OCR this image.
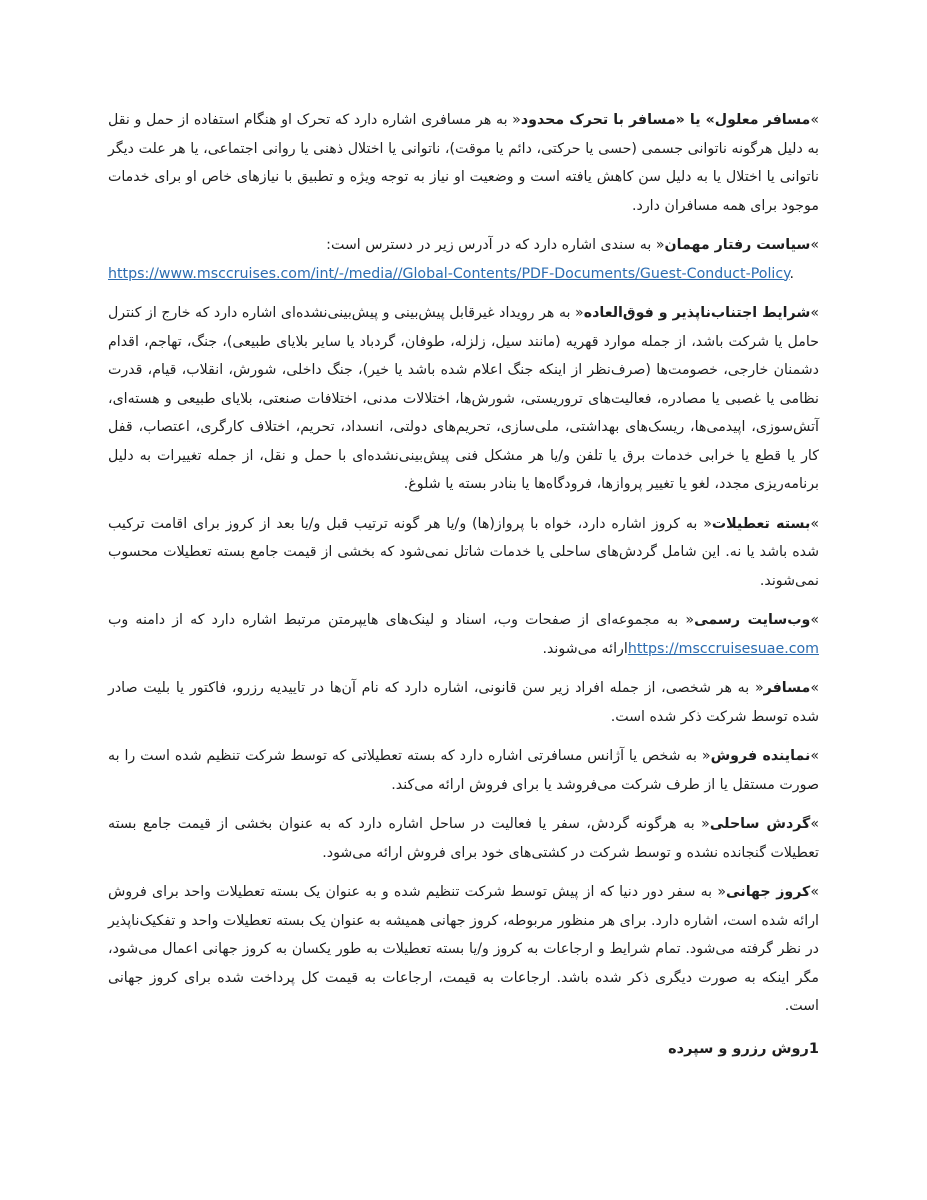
»مسافر معلول» یا «مسافر با تحرک محدود« به هر مسافری اشاره دارد که تحرک او هنگام استفاده از حمل و نقل به دلیل هرگونه ناتوانی جسمی (حسی یا حرکتی، دائم یا موقت)، ناتوانی یا اختلال ذهنی یا روانی اجتماعی، یا هر علت دیگر ناتوانی یا اختلال یا به دلیل سن کاهش یافته است و وضعیت او نیاز به توجه ویژه و تطبیق با نیازهای خاص او برای خدمات موجود برای همه مسافران دارد.

»سیاست رفتار مهمان« به سندی اشاره دارد که در آدرس زیر در دسترس است:
https://www.msccruises.com/int/-/media//Global-Contents/PDF-Documents/Guest-Conduct-Policy.

»شرایط اجتناب‌ناپذیر و فوق‌العاده« به هر رویداد غیرقابل پیش‌بینی و پیش‌بینی‌نشده‌ای اشاره دارد که خارج از کنترل حامل یا شرکت باشد، از جمله موارد قهریه (مانند سیل، زلزله، طوفان، گردباد یا سایر بلایای طبیعی)، جنگ، تهاجم، اقدام دشمنان خارجی، خصومت‌ها (صرف‌نظر از اینکه جنگ اعلام شده باشد یا خیر)، جنگ داخلی، شورش، انقلاب، قیام، قدرت نظامی یا غصبی یا مصادره، فعالیت‌های تروریستی، شورش‌ها، اختلالات مدنی، اختلافات صنعتی، بلایای طبیعی و هسته‌ای، آتش‌سوزی، اپیدمی‌ها، ریسک‌های بهداشتی، ملی‌سازی، تحریم‌های دولتی، انسداد، تحریم، اختلاف کارگری، اعتصاب، قفل کار یا قطع یا خرابی خدمات برق یا تلفن و/یا هر مشکل فنی پیش‌بینی‌نشده‌ای با حمل و نقل، از جمله تغییرات به دلیل برنامه‌ریزی مجدد، لغو یا تغییر پروازها، فرودگاه‌ها یا بنادر بسته یا شلوغ.

»بسته تعطیلات« به کروز اشاره دارد، خواه با پرواز(ها) و/یا هر گونه ترتیب قبل و/یا بعد از کروز برای اقامت ترکیب شده باشد یا نه. این شامل گردش‌های ساحلی یا خدمات شاتل نمی‌شود که بخشی از قیمت جامع بسته تعطیلات محسوب نمی‌شوند.

»وب‌سایت رسمی« به مجموعه‌ای از صفحات وب، اسناد و لینک‌های هایپرمتن مرتبط اشاره دارد که از دامنه وب https://msccruisesuae.comارائه می‌شوند.

»مسافر« به هر شخصی، از جمله افراد زیر سن قانونی، اشاره دارد که نام آن‌ها در تاییدیه رزرو، فاکتور یا بلیت صادر شده توسط شرکت ذکر شده است.

»نماینده فروش« به شخص یا آژانس مسافرتی اشاره دارد که بسته تعطیلاتی که توسط شرکت تنظیم شده است را به صورت مستقل یا از طرف شرکت می‌فروشد یا برای فروش ارائه می‌کند.

»گردش ساحلی« به هرگونه گردش، سفر یا فعالیت در ساحل اشاره دارد که به عنوان بخشی از قیمت جامع بسته تعطیلات گنجانده نشده و توسط شرکت در کشتی‌های خود برای فروش ارائه می‌شود.

»کروز جهانی« به سفر دور دنیا که از پیش توسط شرکت تنظیم شده و به عنوان یک بسته تعطیلات واحد برای فروش ارائه شده است، اشاره دارد. برای هر منظور مربوطه، کروز جهانی همیشه به عنوان یک بسته تعطیلات واحد و تفکیک‌ناپذیر در نظر گرفته می‌شود. تمام شرایط و ارجاعات به کروز و/یا بسته تعطیلات به طور یکسان به کروز جهانی اعمال می‌شود، مگر اینکه به صورت دیگری ذکر شده باشد. ارجاعات به قیمت، ارجاعات به قیمت کل پرداخت شده برای کروز جهانی است.

1روش رزرو و سپرده
